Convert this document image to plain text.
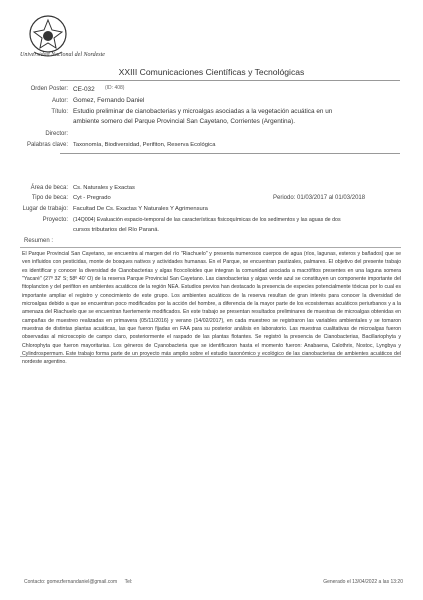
Universidad Nacional del Nordeste
XXIII Comunicaciones Científicas y Tecnológicas
Orden Poster: CE-032 (ID: 408)
Autor: Gomez, Fernando Daniel
Título: Estudio preliminar de cianobacterias y microalgas asociadas a la vegetación acuática en un
ambiente somero del Parque Provincial San Cayetano, Corrientes (Argentina).
Director:
Palabras clave: Taxonomía, Biodiversidad, Perifiton, Reserva Ecológica
Área de beca: Cs. Naturales y Exactas
Tipo de beca: Cyt - Pregrado	Periodo: 01/03/2017 al 01/03/2018
Lugar de trabajo: Facultad De Cs. Exactas Y Naturales Y Agrimensura
Proyecto: (14Q004) Evaluación espacio-temporal de las características fisicoquímicas de los sedimentos y las aguas de dos
cursos tributarios del Río Paraná.
Resumen :

El Parque Provincial San Cayetano, se encuentra al margen del río "Riachuelo" y presenta numerosos cuerpos de agua (ríos, lagunas, esteros y bañados) que se ven influidos con pesticidas, monte de bosques nativos y actividades humanas. En el Parque, se encuentran pastizales, palmares. El objetivo del presente trabajo es identificar y conocer la diversidad de Cianobacterias y algas ficocolioides que integran la comunidad asociada a macrófitos presentes en una laguna somera "Yacaré" (27º 32' S; 58º 40' O) de la reserva Parque Provincial San Cayetano. Las cianobacterias y algas verde azul se constituyen un componente importante del fitoplancton y del perifiton en ambientes acuáticos de la región NEA. Estudios previos han destacado la presencia de especies potencialmente tóxicas por lo cual es importante ampliar el registro y conocimiento de este grupo. Los ambientes acuáticos de la reserva resultan de gran interés para conocer la diversidad de microalgas debido a que se encuentran poco modificados por la acción del hombre, a diferencia de la mayor parte de los ecosistemas acuáticos periurbanos y a la amenaza del Riachuelo que se encuentran fuertemente modificados. En este trabajo se presentan resultados preliminares de muestras de microalgas obtenidas en campañas de muestreo realizadas en primavera (05/11/2016) y verano (14/02/2017), en cada muestreo se registraron las variables ambientales y se tomaron muestras de distintas plantas acuáticas, las que fueron fijadas en FAA para su posterior análisis en laboratorio. Las muestras cualitativas de microalgas fueron observadas al microscopio de campo claro, posteriormente el raspado de las plantas flotantes. Se registró la presencia de Cianobacterias, Bacillariophyta y Chlorophyta que fueron mayoritarias. Los géneros de Cyanobacteria que se identificaron hasta el momento fueron: Anabaena, Calothrix, Nostoc, Lyngbya y Cylindrospermum. Este trabajo forma parte de un proyecto más amplio sobre el estudio taxonómico y ecológico de las cianobacterias de ambientes acuáticos del nordeste argentino.

Contacto: gomezfernandaniel@gmail.com Tel:	Generado el 13/04/2022 a las 13:20
